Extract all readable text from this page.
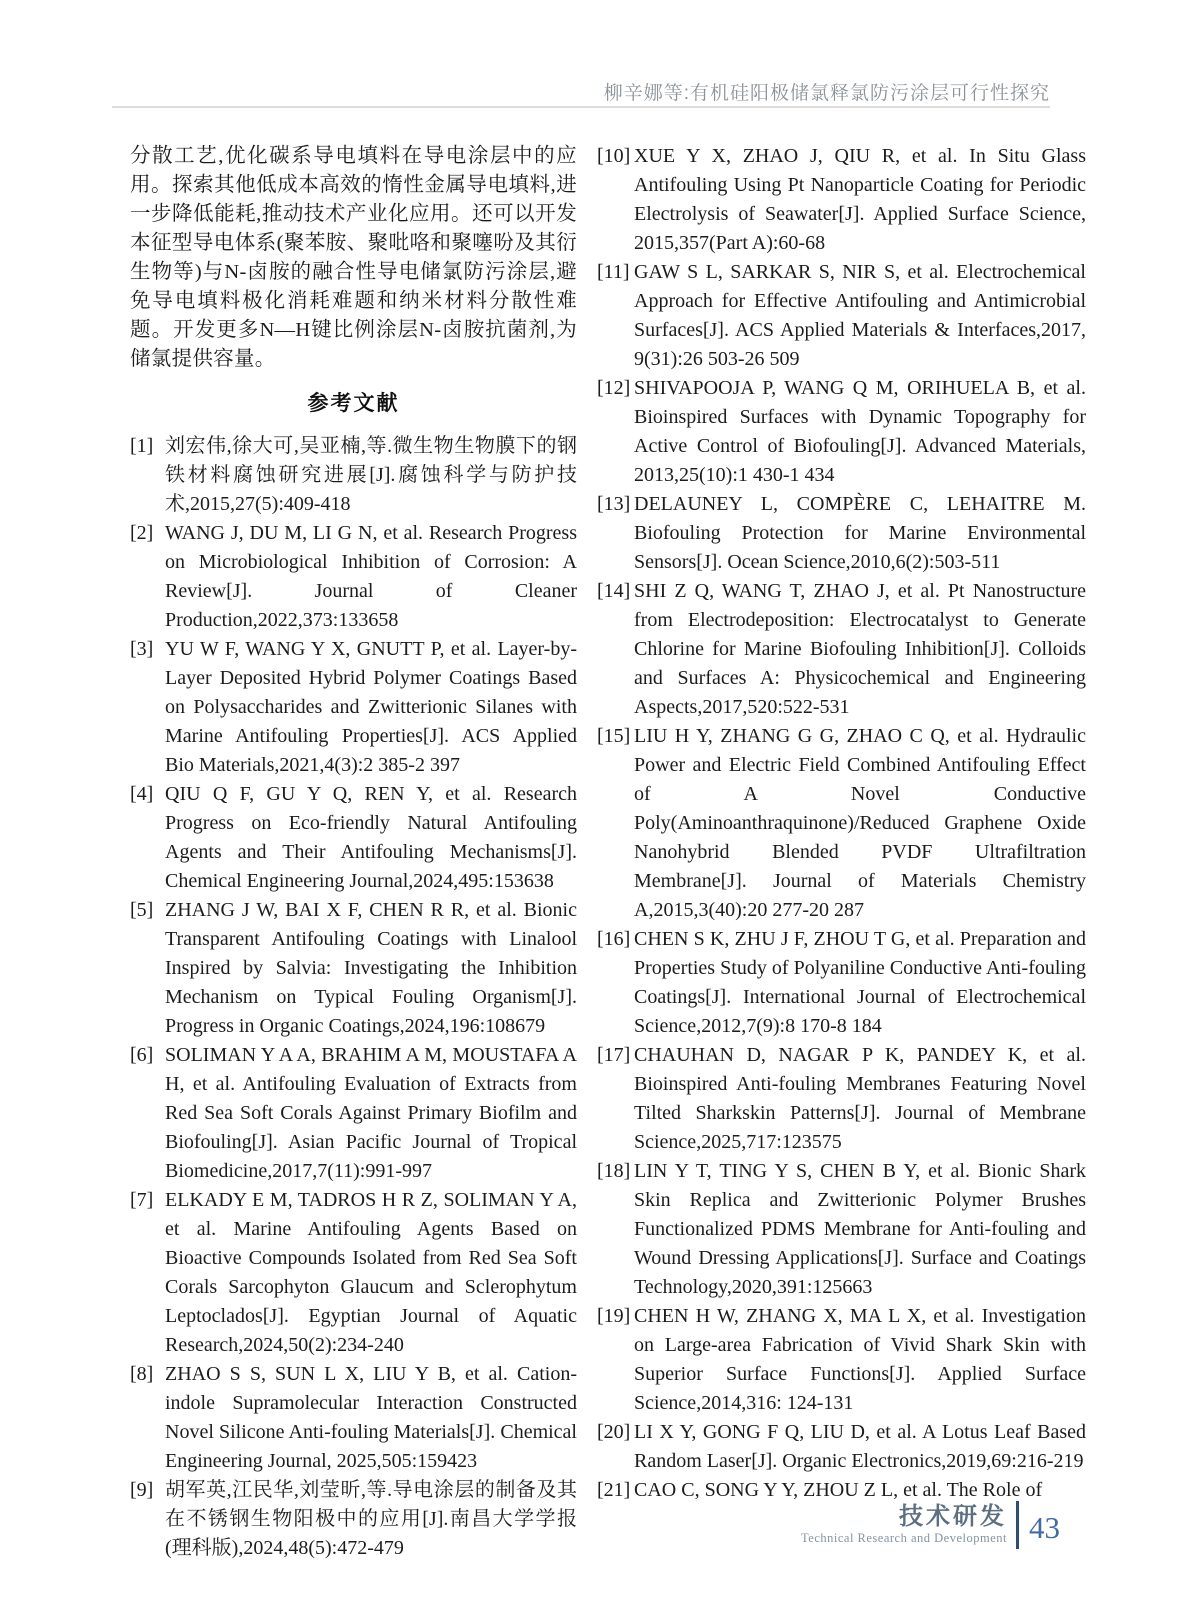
柳辛娜等:有机硅阳极储氯释氯防污涂层可行性探究

分散工艺,优化碳系导电填料在导电涂层中的应用。探索其他低成本高效的惰性金属导电填料,进一步降低能耗,推动技术产业化应用。还可以开发本征型导电体系(聚苯胺、聚吡咯和聚噻吩及其衍生物等)与N-卤胺的融合性导电储氯防污涂层,避免导电填料极化消耗难题和纳米材料分散性难题。开发更多N—H键比例涂层N-卤胺抗菌剂,为储氯提供容量。

参考文献
[1] 刘宏伟,徐大可,吴亚楠,等.微生物生物膜下的钢铁材料腐蚀研究进展[J].腐蚀科学与防护技术,2015,27(5):409-418
[2] WANG J, DU M, LI G N, et al. Research Progress on Microbiological Inhibition of Corrosion: A Review[J]. Journal of Cleaner Production,2022,373:133658
[3] YU W F, WANG Y X, GNUTT P, et al. Layer-by-Layer Deposited Hybrid Polymer Coatings Based on Polysaccharides and Zwitterionic Silanes with Marine Antifouling Properties[J]. ACS Applied Bio Materials,2021,4(3):2 385-2 397
[4] QIU Q F, GU Y Q, REN Y, et al. Research Progress on Eco-friendly Natural Antifouling Agents and Their Antifouling Mechanisms[J]. Chemical Engineering Journal,2024,495:153638
[5] ZHANG J W, BAI X F, CHEN R R, et al. Bionic Transparent Antifouling Coatings with Linalool Inspired by Salvia: Investigating the Inhibition Mechanism on Typical Fouling Organism[J]. Progress in Organic Coatings,2024,196:108679
[6] SOLIMAN Y A A, BRAHIM A M, MOUSTAFA A H, et al. Antifouling Evaluation of Extracts from Red Sea Soft Corals Against Primary Biofilm and Biofouling[J]. Asian Pacific Journal of Tropical Biomedicine,2017,7(11):991-997
[7] ELKADY E M, TADROS H R Z, SOLIMAN Y A, et al. Marine Antifouling Agents Based on Bioactive Compounds Isolated from Red Sea Soft Corals Sarcophyton Glaucum and Sclerophytum Leptoclados[J]. Egyptian Journal of Aquatic Research,2024,50(2):234-240
[8] ZHAO S S, SUN L X, LIU Y B, et al. Cation-indole Supramolecular Interaction Constructed Novel Silicone Anti-fouling Materials[J]. Chemical Engineering Journal, 2025,505:159423
[9] 胡军英,江民华,刘莹昕,等.导电涂层的制备及其在不锈钢生物阳极中的应用[J].南昌大学学报(理科版),2024,48(5):472-479
[10] XUE Y X, ZHAO J, QIU R, et al. In Situ Glass Antifouling Using Pt Nanoparticle Coating for Periodic Electrolysis of Seawater[J]. Applied Surface Science, 2015,357(Part A):60-68
[11] GAW S L, SARKAR S, NIR S, et al. Electrochemical Approach for Effective Antifouling and Antimicrobial Surfaces[J]. ACS Applied Materials & Interfaces,2017, 9(31):26 503-26 509
[12] SHIVAPOOJA P, WANG Q M, ORIHUELA B, et al. Bioinspired Surfaces with Dynamic Topography for Active Control of Biofouling[J]. Advanced Materials, 2013,25(10):1 430-1 434
[13] DELAUNEY L, COMPÈRE C, LEHAITRE M. Biofouling Protection for Marine Environmental Sensors[J]. Ocean Science,2010,6(2):503-511
[14] SHI Z Q, WANG T, ZHAO J, et al. Pt Nanostructure from Electrodeposition: Electrocatalyst to Generate Chlorine for Marine Biofouling Inhibition[J]. Colloids and Surfaces A: Physicochemical and Engineering Aspects,2017,520:522-531
[15] LIU H Y, ZHANG G G, ZHAO C Q, et al. Hydraulic Power and Electric Field Combined Antifouling Effect of A Novel Conductive Poly(Aminoanthraquinone)/Reduced Graphene Oxide Nanohybrid Blended PVDF Ultrafiltration Membrane[J]. Journal of Materials Chemistry A,2015,3(40):20 277-20 287
[16] CHEN S K, ZHU J F, ZHOU T G, et al. Preparation and Properties Study of Polyaniline Conductive Anti-fouling Coatings[J]. International Journal of Electrochemical Science,2012,7(9):8 170-8 184
[17] CHAUHAN D, NAGAR P K, PANDEY K, et al. Bioinspired Anti-fouling Membranes Featuring Novel Tilted Sharkskin Patterns[J]. Journal of Membrane Science,2025,717:123575
[18] LIN Y T, TING Y S, CHEN B Y, et al. Bionic Shark Skin Replica and Zwitterionic Polymer Brushes Functionalized PDMS Membrane for Anti-fouling and Wound Dressing Applications[J]. Surface and Coatings Technology,2020,391:125663
[19] CHEN H W, ZHANG X, MA L X, et al. Investigation on Large-area Fabrication of Vivid Shark Skin with Superior Surface Functions[J]. Applied Surface Science,2014,316: 124-131
[20] LI X Y, GONG F Q, LIU D, et al. A Lotus Leaf Based Random Laser[J]. Organic Electronics,2019,69:216-219
[21] CAO C, SONG Y Y, ZHOU Z L, et al. The Role of
技术研发
Technical Research and Development 43
